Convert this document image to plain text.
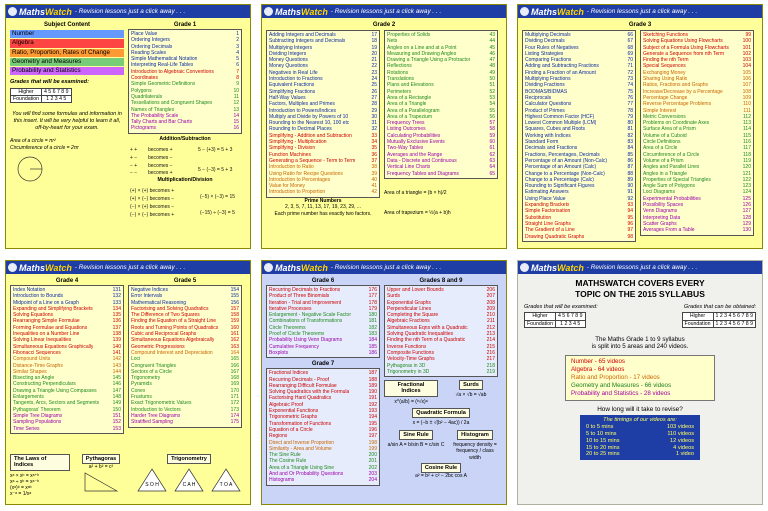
MathsWatch - Revision lessons just a click away . . .
Subject Content
Number
Algebra
Ratio, Proportion, Rates of Change
Geometry and Measures
Probability and Statistics
Grades that will be examined:
Higher	4 5 6 7 8 9
Foundation	1 2 3 4 5
You will find some formulas and information in this insert. It will be very helpful to learn it all, off-by-heart for your exam.
Area of a circle = πr²
Circumference of a circle = 2πr
Grade 1
Place Value	1
Ordering Integers	2
Ordering Decimals	3
Reading Scales	4
Simple Mathematical Notation	5
Interpreting Real-Life Tables	6
Introduction to Algebraic Conventions	7
Coordinates	8
Simple Geometric Definitions	9
Polygons	10
Quadrilaterals	11
Tessellations and Congruent Shapes	12
Names of Triangles	13
The Probability Scale	14
Tally Charts and Bar Charts	15
Pictograms	16
Addition/Subtraction
+ + becomes +
+ − becomes −
− + becomes −
− − becomes +
5 − (+3) = 5 + 3
5 − (−3) = 5 + 3
Multiplication/Division
(+) × (+) becomes +
(+) × (−) becomes −
(−) × (+) becomes −
(−) × (−) becomes +
(−5) × (−3) = 15
(−15) ÷ (−3) = 5
MathsWatch - Revision lessons just a click away . . .
Grade 2
Adding Integers and Decimals	17
Subtracting Integers and Decimals	18
Multiplying Integers	19
Dividing Integers	20
Money Questions	21
Money Questions	22
Negatives in Real Life	23
Introduction to Fractions	24
Equivalent Fractions	25
Simplifying Fractions	26
Half-Way Values	27
Factors, Multiples and Primes	28
Introduction to Powers/Indices	29
Multiply and Divide by Powers of 10	30
Rounding to the Nearest 10, 100 etc	31
Rounding to Decimal Places	32
Simplifying - Addition and Subtraction	33
Simplifying - Multiplication	34
Simplifying - Division	35
Function Machines	36
Generating a Sequence - Term to Term	37
Introduction to Ratio	38
Using Ratio for Recipe Questions	39
Introduction to Percentages	40
Value for Money	41
Introduction to Proportion	42
Properties of Solids	43
Nets	44
Angles on a Line and at a Point	45
Measuring and Drawing Angles	46
Drawing a Triangle Using a Protractor	47
Reflections	48
Rotations	49
Translations	50
Plans and Elevations	51
Perimeters	52
Area of a Rectangle	53
Area of a Triangle	54
Area of a Parallelogram	55
Area of a Trapezium	56
Frequency Trees	57
Listing Outcomes	58
Calculating Probabilities	59
Mutually Exclusive Events	60
Two-Way Tables	61
Averages and the Range	62
Data - Discrete and Continuous	63
Vertical Line Charts	64
Frequency Tables and Diagrams	65
Prime Numbers
2, 3, 5, 7, 11, 13, 17, 19, 23, 29, ...
Each prime number has exactly two factors.
Area of a triangle = (b × h)/2
Area of trapezium = ½(a + b)h
MathsWatch - Revision lessons just a click away . . .
Grade 3
Multiplying Decimals	66
Dividing Decimals	67
Four Rules of Negatives	68
Listing Strategies	69
Comparing Fractions	70
Adding and Subtracting Fractions	71
Finding a Fraction of an Amount	72
Multiplying Fractions	73
Dividing Fractions	74
BODMAS/BIDMAS	75
Reciprocals	76
Calculator Questions	77
Product of Primes	78
Highest Common Factor (HCF)	79
Lowest Common Multiple (LCM)	80
Squares, Cubes and Roots	81
Working with Indices	82
Standard Form	83
Decimals and Fractions	84
Fractions, Percentages, Decimals	85
Percentage of an Amount (Non-Calc)	86
Percentage of an Amount (Calc)	87
Change to a Percentage (Non-Calc)	88
Change to a Percentage (Calc)	89
Rounding to Significant Figures	90
Estimating Answers	91
Using Place Value	92
Expanding Brackets	93
Simple Factorisation	94
Substitution	95
Straight Line Graphs	96
The Gradient of a Line	97
Drawing Quadratic Graphs	98
Sketching Functions	99
Solving Equations Using Flowcharts	100
Subject of a Formula Using Flowcharts	101
Generate a Sequence from nth Term	102
Finding the nth Term	103
Special Sequences	104
Exchanging Money	105
Sharing Using Ratio	106
Ratios, Fractions and Graphs	107
Increase/Decrease by a Percentage	108
Percentage Change	109
Reverse Percentage Problems	110
Simple Interest	111
Metric Conversions	112
Problems on Coordinate Axes	113
Surface Area of a Prism	114
Volume of a Cuboid	115
Circle Definitions	116
Area of a Circle	117
Circumference of a Circle	118
Volume of a Prism	119
Angles and Parallel Lines	120
Angles in a Triangle	121
Properties of Special Triangles	122
Angle Sum of Polygons	123
Loci Diagrams	124
Experimental Probabilities	125
Possibility Spaces	126
Venn Diagrams	127
Interpreting Data	128
Scatter Graphs	129
Averages From a Table	130
MathsWatch - Revision lessons just a click away . . .
Grade 4
Index Notation	131
Introduction to Bounds	132
Midpoint of a Line on a Graph	133
Expanding and Simplifying Brackets	134
Solving Equations	135
Rearranging Simple Formulae	136
Forming Formulae and Equations	137
Inequalities on a Number Line	138
Solving Linear Inequalities	139
Simultaneous Equations Graphically	140
Fibonacci Sequences	141
Compound Units	142
Distance-Time Graphs	143
Similar Shapes	144
Bisecting an Angle	145
Constructing Perpendiculars	146
Drawing a Triangle Using Compasses	147
Enlargements	148
Tangents, Arcs, Sectors and Segments	149
Pythagoras' Theorem	150
Simple Tree Diagrams	151
Sampling Populations	152
Time Series	153
Grade 5
Negative Indices	154
Error Intervals	155
Mathematical Reasoning	156
Factorising and Solving Quadratics	157
The Difference of Two Squares	158
Finding the Equation of a Straight Line	159
Roots and Turning Points of Quadratics	160
Cubic and Reciprocal Graphs	161
Simultaneous Equations Algebraically	162
Geometric Progressions	163
Compound Interest and Depreciation	164
Loci	165
Congruent Triangles	166
Sectors of a Circle	167
Trigonometry	168
Pyramids	169
Cones	170
Frustums	171
Exact Trigonometric Values	172
Introduction to Vectors	173
Harder Tree Diagrams	174
Stratified Sampling	175
The Laws of Indices
xᵃ × xᵇ = xᵃ⁺ᵇ
xᵃ ÷ xᵇ = xᵃ⁻ᵇ
(xᵃ)ᵇ = xᵃᵇ
x⁻ᵃ = 1/xᵃ
Pythagoras
a² + b² = c²
Trigonometry
S O H	C A H	T O A
MathsWatch - Revision lessons just a click away . . .
Grade 6
Recurring Decimals to Fractions	176
Product of Three Binomials	177
Iteration - Trial and Improvement	178
Iterative Processes	179
Enlargement - Negative Scale Factor	180
Combinations of Transformations	181
Circle Theorems	182
Proof of Circle Theorems	183
Probability Using Venn Diagrams	184
Cumulative Frequency	185
Boxplots	186
Grade 7
Fractional Indices	187
Recurring Decimals - Proof	188
Rearranging Difficult Formulae	189
Solving Quadratics with the Formula	190
Factorising Hard Quadratics	191
Algebraic Proof	192
Exponential Functions	193
Trigonometric Graphs	194
Transformation of Functions	195
Equation of a Circle	196
Regions	197
Direct and Inverse Proportion	198
Similarity - Area and Volume	199
The Sine Rule	200
The Cosine Rule	201
Area of a Triangle Using Sine	202
And and Or Probability Questions	203
Histograms	204
Grades 8 and 9
Upper and Lower Bounds	206
Surds	207
Exponential Graphs	208
Perpendicular Lines	209
Completing the Square	210
Algebraic Fractions	211
Simultaneous Eqns with a Quadratic	212
Solving Quadratic Inequalities	213
Finding the nth Term of a Quadratic	214
Inverse Functions	215
Composite Functions	216
Velocity-Time Graphs	217
Pythagoras in 3D	218
Trigonometry in 3D	219
Fractional Indices
x^(a/b) = (ᵇ√x)ᵃ
Surds
√a × √b = √ab
Quadratic Formula
x = (−b ± √(b² − 4ac)) / 2a
Sine Rule
a/sin A = b/sin B = c/sin C
Histogram
frequency density = frequency / class width
Cosine Rule
a² = b² + c² − 2bc cos A
MathsWatch - Revision lessons just a click away . . .
MATHSWATCH COVERS EVERY
TOPIC ON THE 2015 SYLLABUS
Grades that will be examined:	Grades that can be obtained:
Higher	4 5 6 7 8 9
Foundation	1 2 3 4 5
Higher	1 2 3 4 5 6 7 8 9
Foundation	1 2 3 4 5 6 7 8 9
The Maths Grade 1 to 9 syllabus
is split into 5 areas and 240 videos.
Number - 65 videos
Algebra - 64 videos
Ratio and Proportion - 17 videos
Geometry and Measures - 66 videos
Probability and Statistics - 28 videos
How long will it take to revise?
The timings of our videos are:
0 to 5 mins	103 videos
5 to 10 mins	110 videos
10 to 15 mins	12 videos
15 to 20 mins	4 videos
20 to 25 mins	1 video
